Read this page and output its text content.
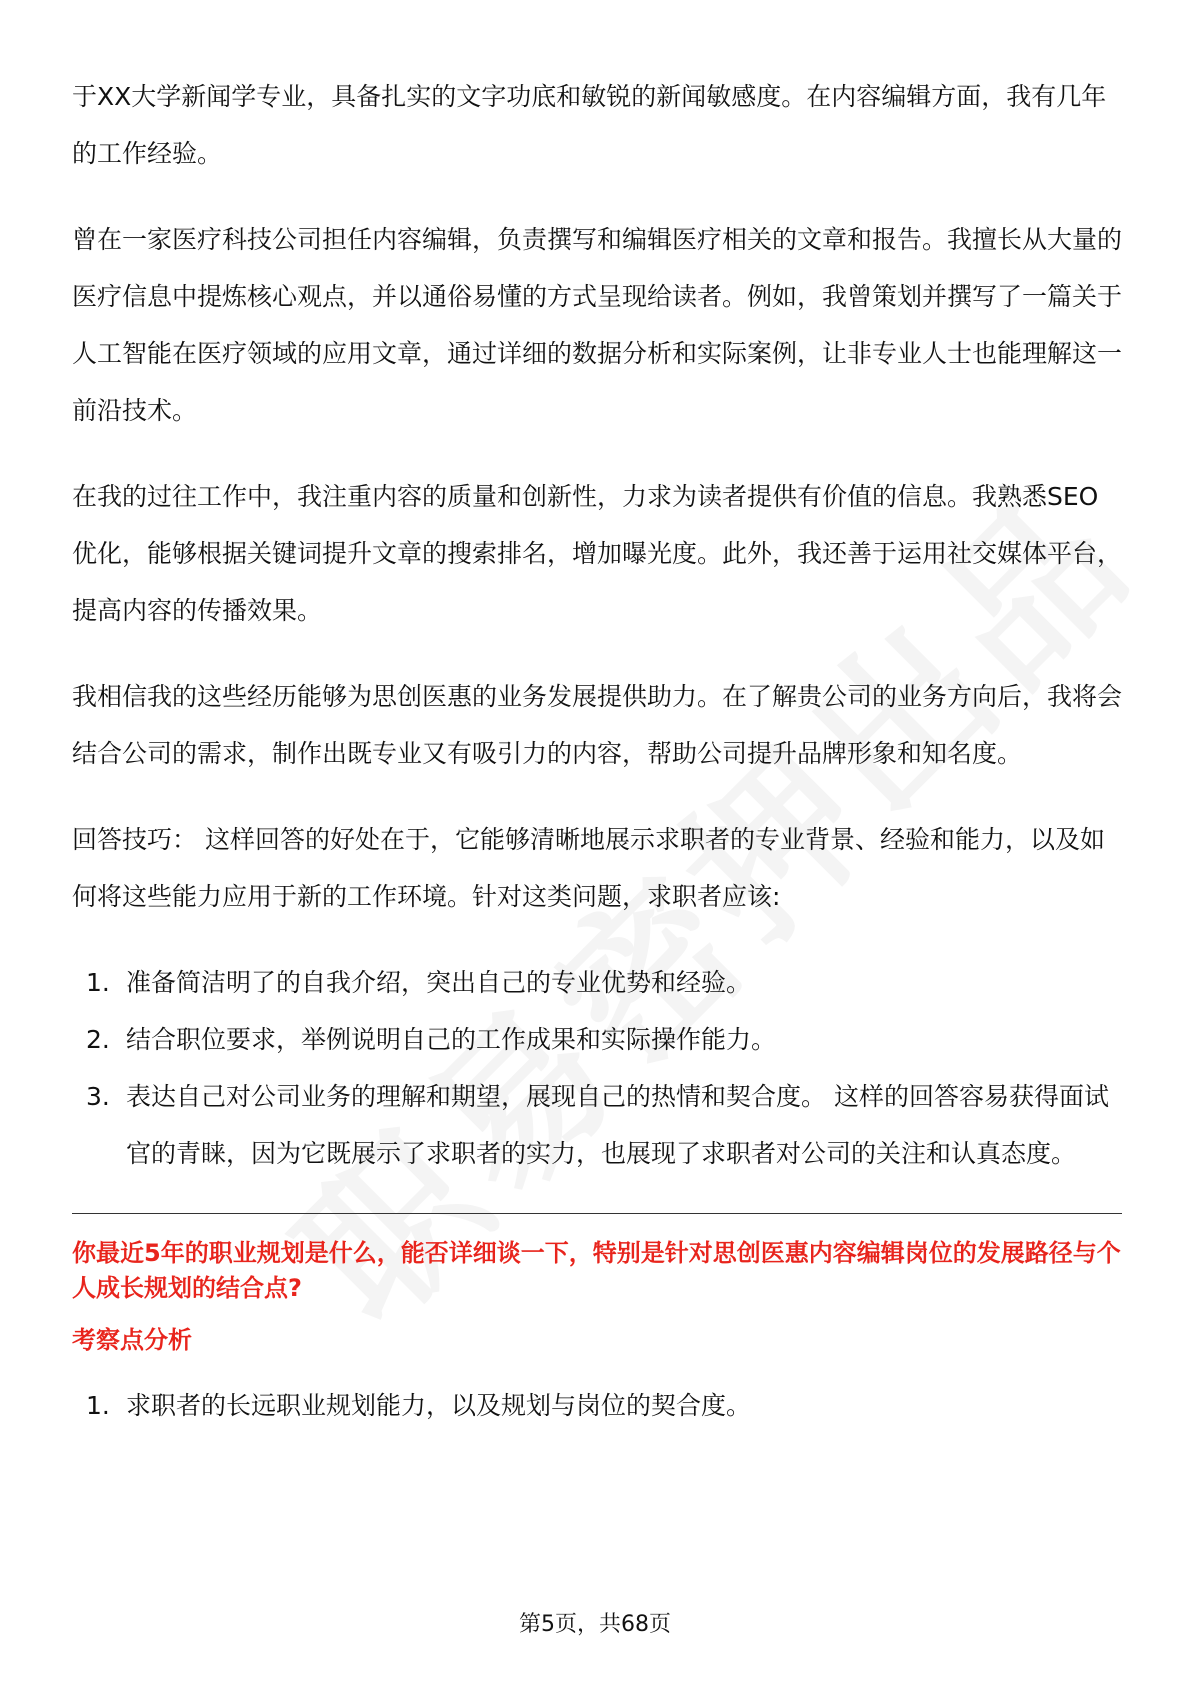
于XX大学新闻学专业，具备扎实的文字功底和敏锐的新闻敏感度。在内容编辑方面，我有几年的工作经验。

曾在一家医疗科技公司担任内容编辑，负责撰写和编辑医疗相关的文章和报告。我擅长从大量的医疗信息中提炼核心观点，并以通俗易懂的方式呈现给读者。例如，我曾策划并撰写了一篇关于人工智能在医疗领域的应用文章，通过详细的数据分析和实际案例，让非专业人士也能理解这一前沿技术。

在我的过往工作中，我注重内容的质量和创新性，力求为读者提供有价值的信息。我熟悉SEO优化，能够根据关键词提升文章的搜索排名，增加曝光度。此外，我还善于运用社交媒体平台，提高内容的传播效果。

我相信我的这些经历能够为思创医惠的业务发展提供助力。在了解贵公司的业务方向后，我将会结合公司的需求，制作出既专业又有吸引力的内容，帮助公司提升品牌形象和知名度。

回答技巧： 这样回答的好处在于，它能够清晰地展示求职者的专业背景、经验和能力，以及如何将这些能力应用于新的工作环境。针对这类问题，求职者应该:

1. 准备简洁明了的自我介绍，突出自己的专业优势和经验。
2. 结合职位要求，举例说明自己的工作成果和实际操作能力。
3. 表达自己对公司业务的理解和期望，展现自己的热情和契合度。 这样的回答容易获得面试官的青睐，因为它既展示了求职者的实力，也展现了求职者对公司的关注和认真态度。
你最近5年的职业规划是什么，能否详细谈一下，特别是针对思创医惠内容编辑岗位的发展路径与个人成长规划的结合点?
考察点分析
1. 求职者的长远职业规划能力，以及规划与岗位的契合度。
第5页，共68页
